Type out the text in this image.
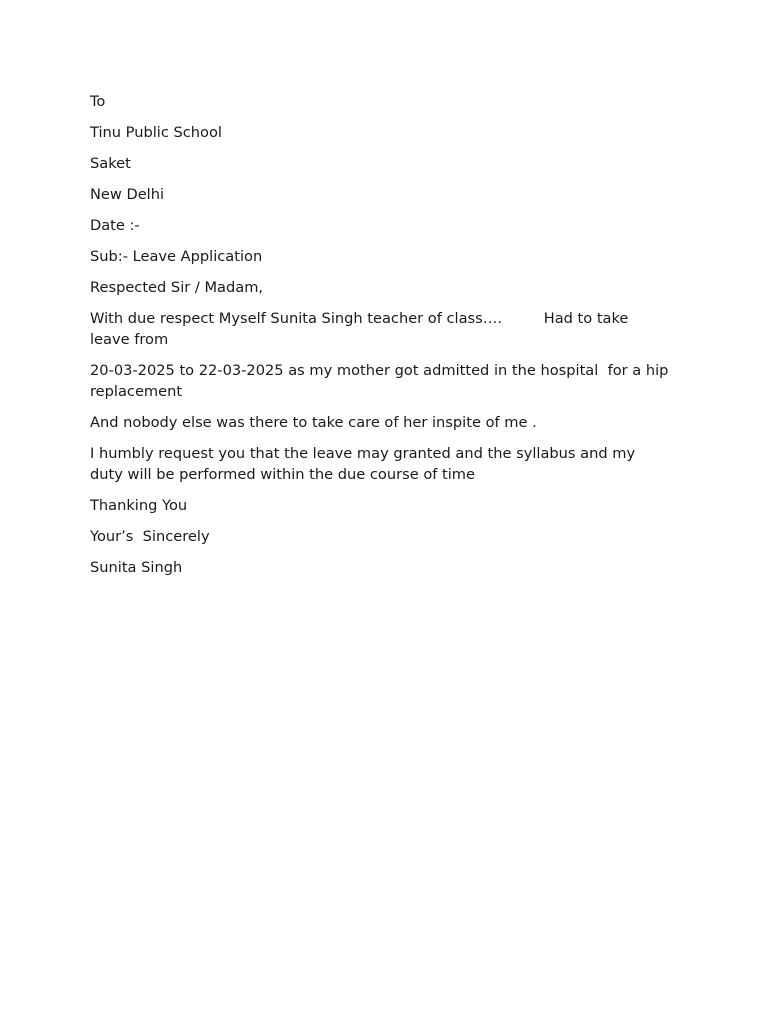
To

Tinu Public School

Saket

New Delhi

Date :-

Sub:- Leave Application

Respected Sir / Madam,

With due respect Myself Sunita Singh teacher of class….         Had to take leave from

20-03-2025 to 22-03-2025 as my mother got admitted in the hospital  for a hip replacement

And nobody else was there to take care of her inspite of me .

I humbly request you that the leave may granted and the syllabus and my duty will be performed within the due course of time

Thanking You

Your’s  Sincerely

Sunita Singh
